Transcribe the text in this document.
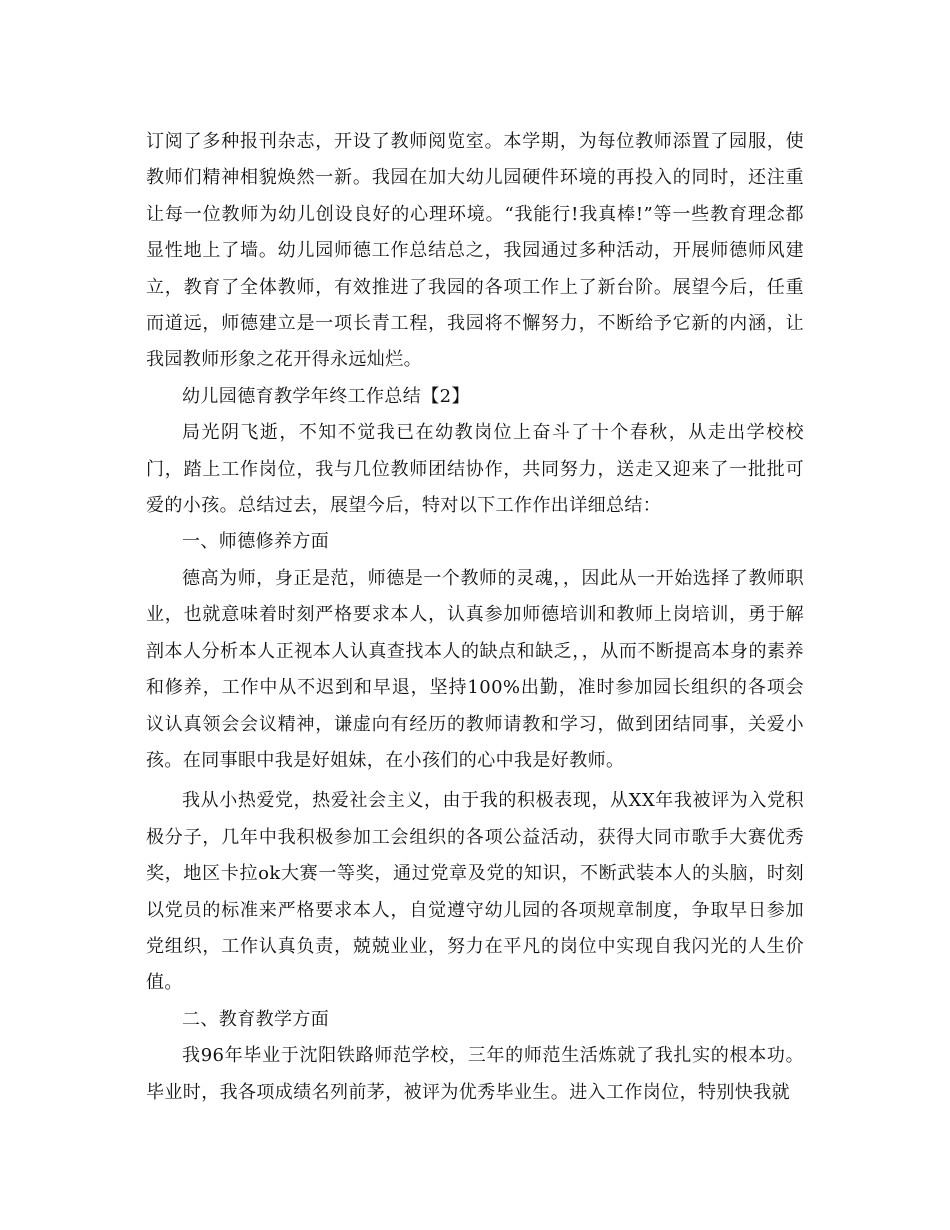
订阅了多种报刊杂志，开设了教师阅览室。本学期，为每位教师添置了园服，使教师们精神相貌焕然一新。我园在加大幼儿园硬件环境的再投入的同时，还注重让每一位教师为幼儿创设良好的心理环境。“我能行!我真棒!”等一些教育理念都显性地上了墙。幼儿园师德工作总结总之，我园通过多种活动，开展师德师风建立，教育了全体教师，有效推进了我园的各项工作上了新台阶。展望今后，任重而道远，师德建立是一项长青工程，我园将不懈努力，不断给予它新的内涵，让我园教师形象之花开得永远灿烂。

幼儿园德育教学年终工作总结【2】

局光阴飞逝，不知不觉我已在幼教岗位上奋斗了十个春秋，从走出学校校门，踏上工作岗位，我与几位教师团结协作，共同努力，送走又迎来了一批批可爱的小孩。总结过去，展望今后，特对以下工作作出详细总结：

一、师德修养方面

德高为师，身正是范，师德是一个教师的灵魂，，因此从一开始选择了教师职业，也就意味着时刻严格要求本人，认真参加师德培训和教师上岗培训，勇于解剖本人分析本人正视本人认真查找本人的缺点和缺乏，，从而不断提高本身的素养和修养，工作中从不迟到和早退，坚持100%出勤，准时参加园长组织的各项会议认真领会会议精神，谦虚向有经历的教师请教和学习，做到团结同事，关爱小孩。在同事眼中我是好姐妹，在小孩们的心中我是好教师。

我从小热爱党，热爱社会主义，由于我的积极表现，从XX年我被评为入党积极分子，几年中我积极参加工会组织的各项公益活动，获得大同市歌手大赛优秀奖，地区卡拉ok大赛一等奖，通过党章及党的知识，不断武装本人的头脑，时刻以党员的标准来严格要求本人，自觉遵守幼儿园的各项规章制度，争取早日参加党组织，工作认真负责，兢兢业业，努力在平凡的岗位中实现自我闪光的人生价值。

二、教育教学方面

我96年毕业于沈阳铁路师范学校，三年的师范生活炼就了我扎实的根本功。毕业时，我各项成绩名列前茅，被评为优秀毕业生。进入工作岗位，特别快我就
